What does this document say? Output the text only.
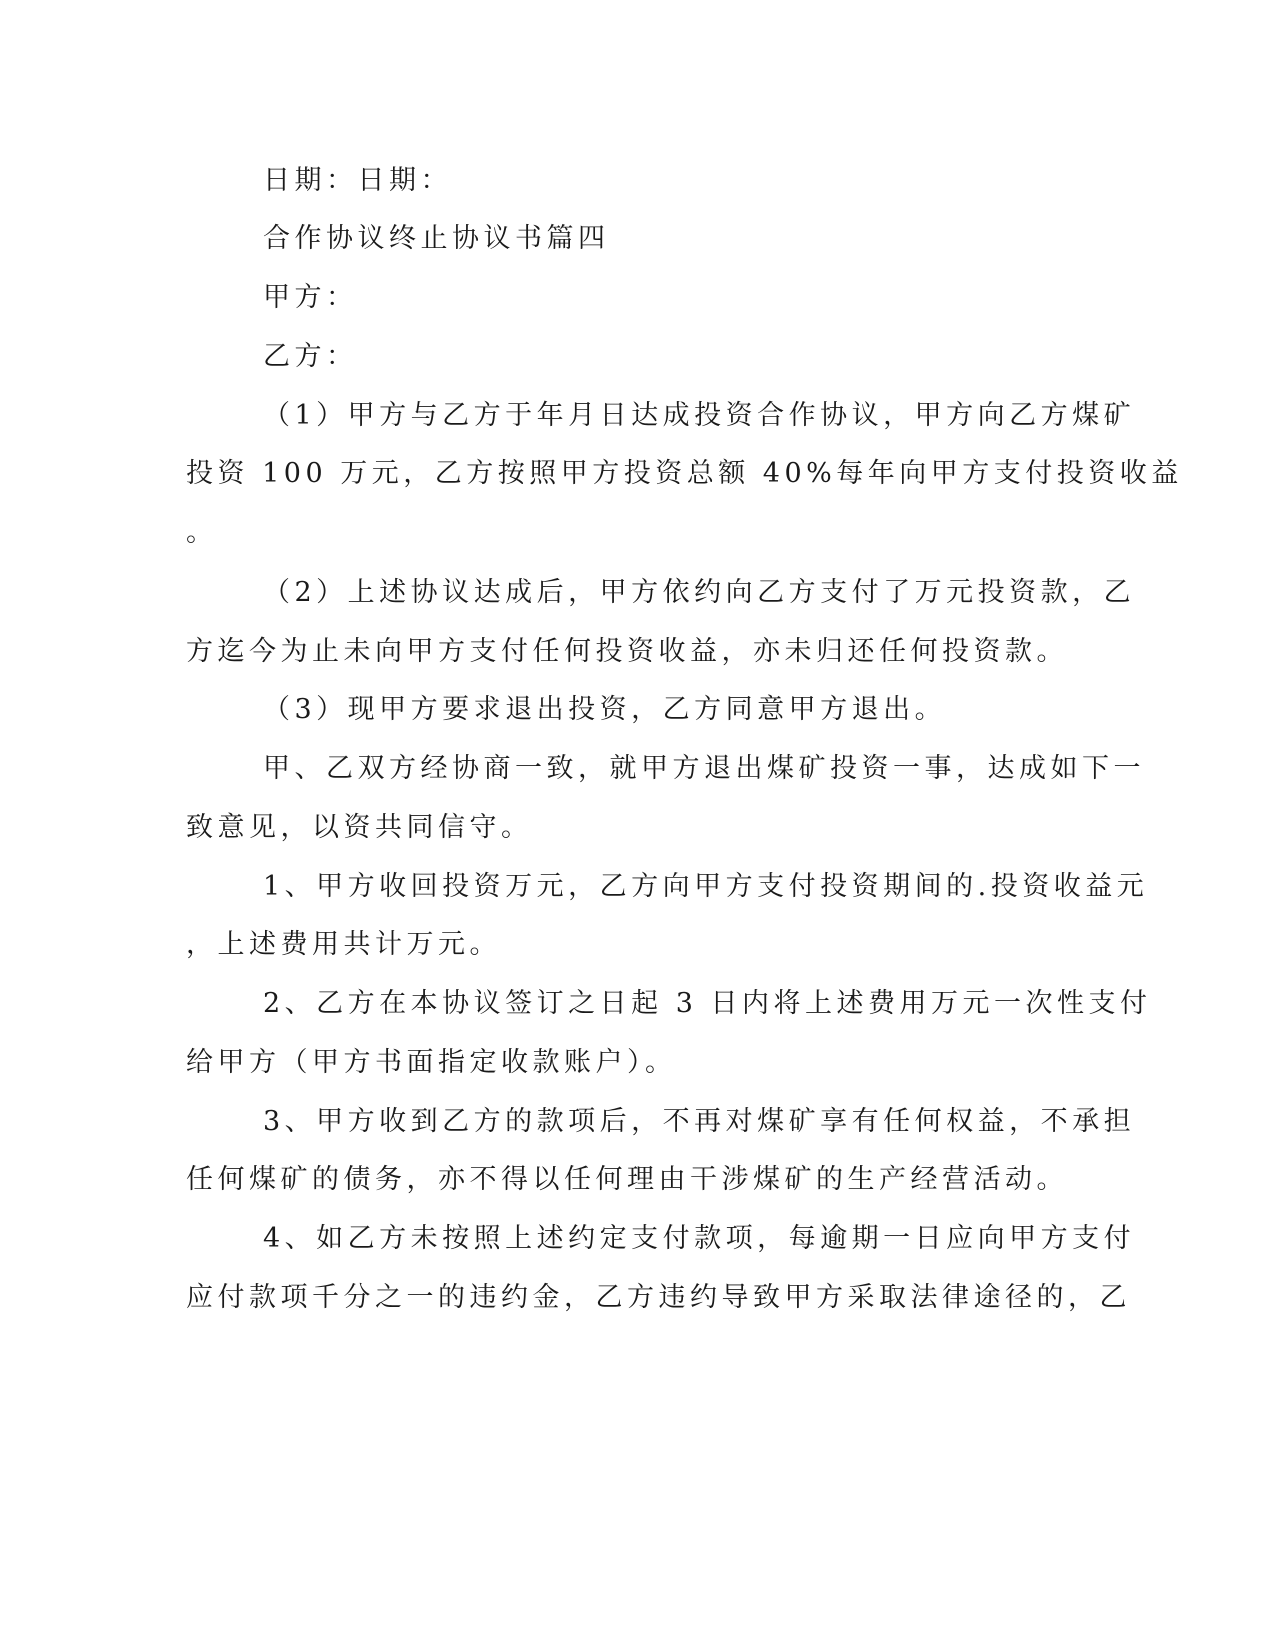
日期：日期：
合作协议终止协议书篇四
甲方：
乙方：
（1）甲方与乙方于年月日达成投资合作协议，甲方向乙方煤矿
投资 100 万元，乙方按照甲方投资总额 40%每年向甲方支付投资收益
。
（2）上述协议达成后，甲方依约向乙方支付了万元投资款，乙
方迄今为止未向甲方支付任何投资收益，亦未归还任何投资款。
（3）现甲方要求退出投资，乙方同意甲方退出。
甲、乙双方经协商一致，就甲方退出煤矿投资一事，达成如下一
致意见，以资共同信守。
1、甲方收回投资万元，乙方向甲方支付投资期间的.投资收益元
，上述费用共计万元。
2、乙方在本协议签订之日起 3 日内将上述费用万元一次性支付
给甲方（甲方书面指定收款账户）。
3、甲方收到乙方的款项后，不再对煤矿享有任何权益，不承担
任何煤矿的债务，亦不得以任何理由干涉煤矿的生产经营活动。
4、如乙方未按照上述约定支付款项，每逾期一日应向甲方支付
应付款项千分之一的违约金，乙方违约导致甲方采取法律途径的，乙
